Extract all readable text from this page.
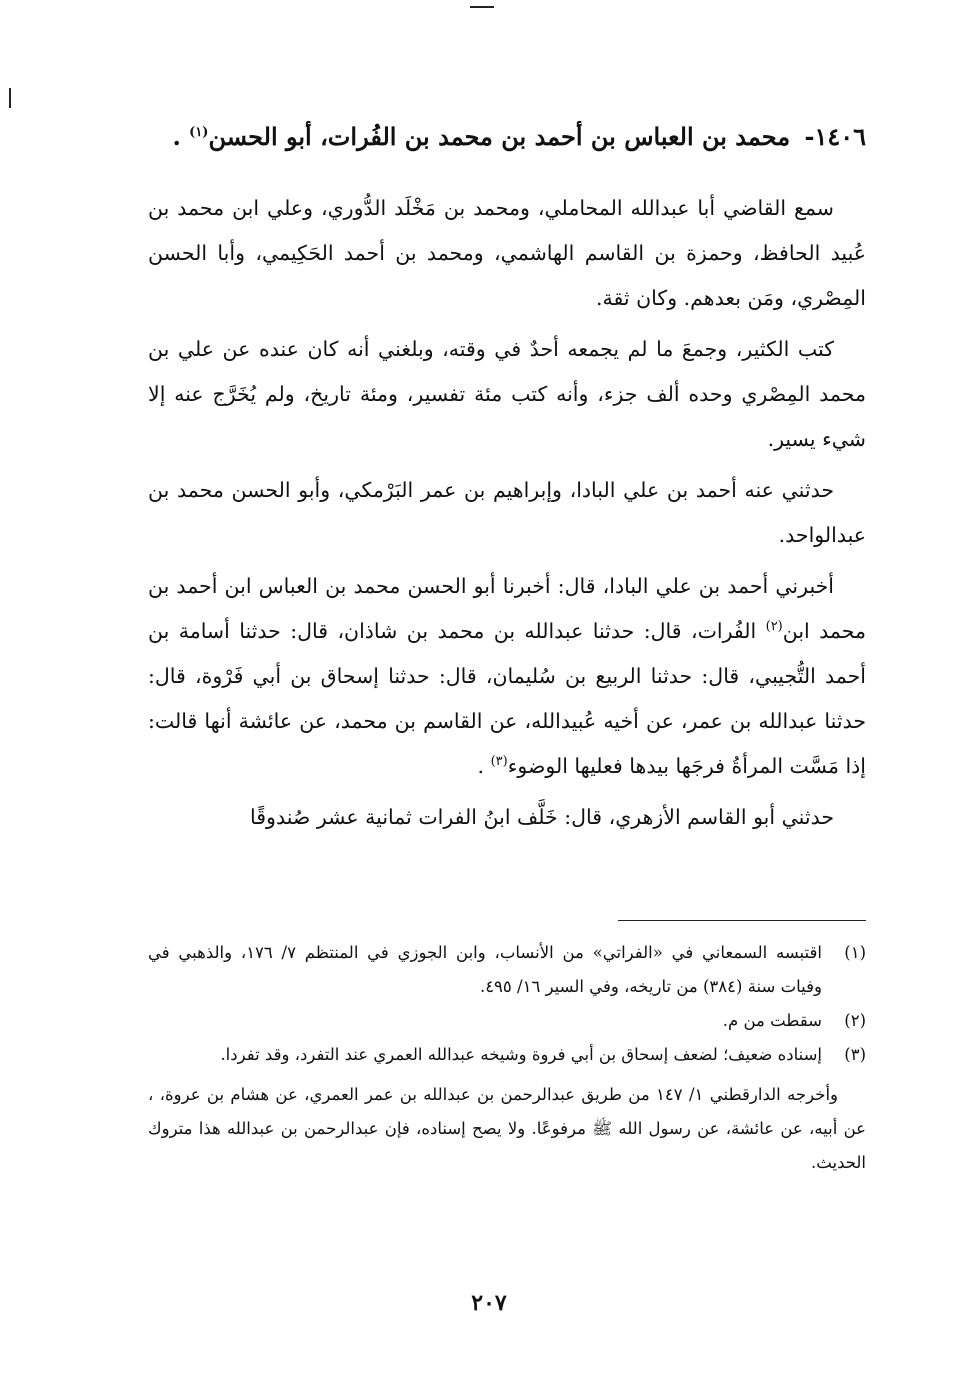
١٤٠٦- محمد بن العباس بن أحمد بن محمد بن الفُرات، أبو الحسن$^{(١)}$ .

سمع القاضي أبا عبدالله المحاملي، ومحمد بن مَخْلَد الدُّوري، وعلي ابن محمد بن عُبيد الحافظ، وحمزة بن القاسم الهاشمي، ومحمد بن أحمد الحَكِيمي، وأبا الحسن المِصْري، ومَن بعدهم. وكان ثقة.

كتب الكثير، وجمعَ ما لم يجمعه أحدٌ في وقته، وبلغني أنه كان عنده عن علي بن محمد المِصْري وحده ألف جزء، وأنه كتب مئة تفسير، ومئة تاريخ، ولم يُخَرَّج عنه إلا شيء يسير.

حدثني عنه أحمد بن علي البادا، وإبراهيم بن عمر البَرْمكي، وأبو الحسن محمد بن عبدالواحد.

أخبرني أحمد بن علي البادا، قال: أخبرنا أبو الحسن محمد بن العباس ابن أحمد بن محمد ابن$^{(٢)}$ الفُرات، قال: حدثنا عبدالله بن محمد بن شاذان، قال: حدثنا أسامة بن أحمد التُّجيبي، قال: حدثنا الربيع بن سُليمان، قال: حدثنا إسحاق بن أبي فَرْوة، قال: حدثنا عبدالله بن عمر، عن أخيه عُبيدالله، عن القاسم بن محمد، عن عائشة أنها قالت: إذا مَسَّت المرأةُ فرجَها بيدها فعليها الوضوء$^{(٣)}$ .

حدثني أبو القاسم الأزهري، قال: خَلَّف ابنُ الفرات ثمانية عشر صُندوقًا

(١)
اقتبسه السمعاني في «الفراتي» من الأنساب، وابن الجوزي في المنتظم ٧/ ١٧٦، والذهبي في وفيات سنة (٣٨٤) من تاريخه، وفي السير ١٦/ ٤٩٥.
(٢)
سقطت من م.
(٣)
إسناده ضعيف؛ لضعف إسحاق بن أبي فروة وشيخه عبدالله العمري عند التفرد، وقد تفردا.

وأخرجه الدارقطني ١/ ١٤٧ من طريق عبدالرحمن بن عبدالله بن عمر العمري، عن هشام بن عروة، ، عن أبيه، عن عائشة، عن رسول الله ﷺ مرفوعًا. ولا يصح إسناده، فإن عبدالرحمن بن عبدالله هذا متروك الحديث.

٢٠٧
